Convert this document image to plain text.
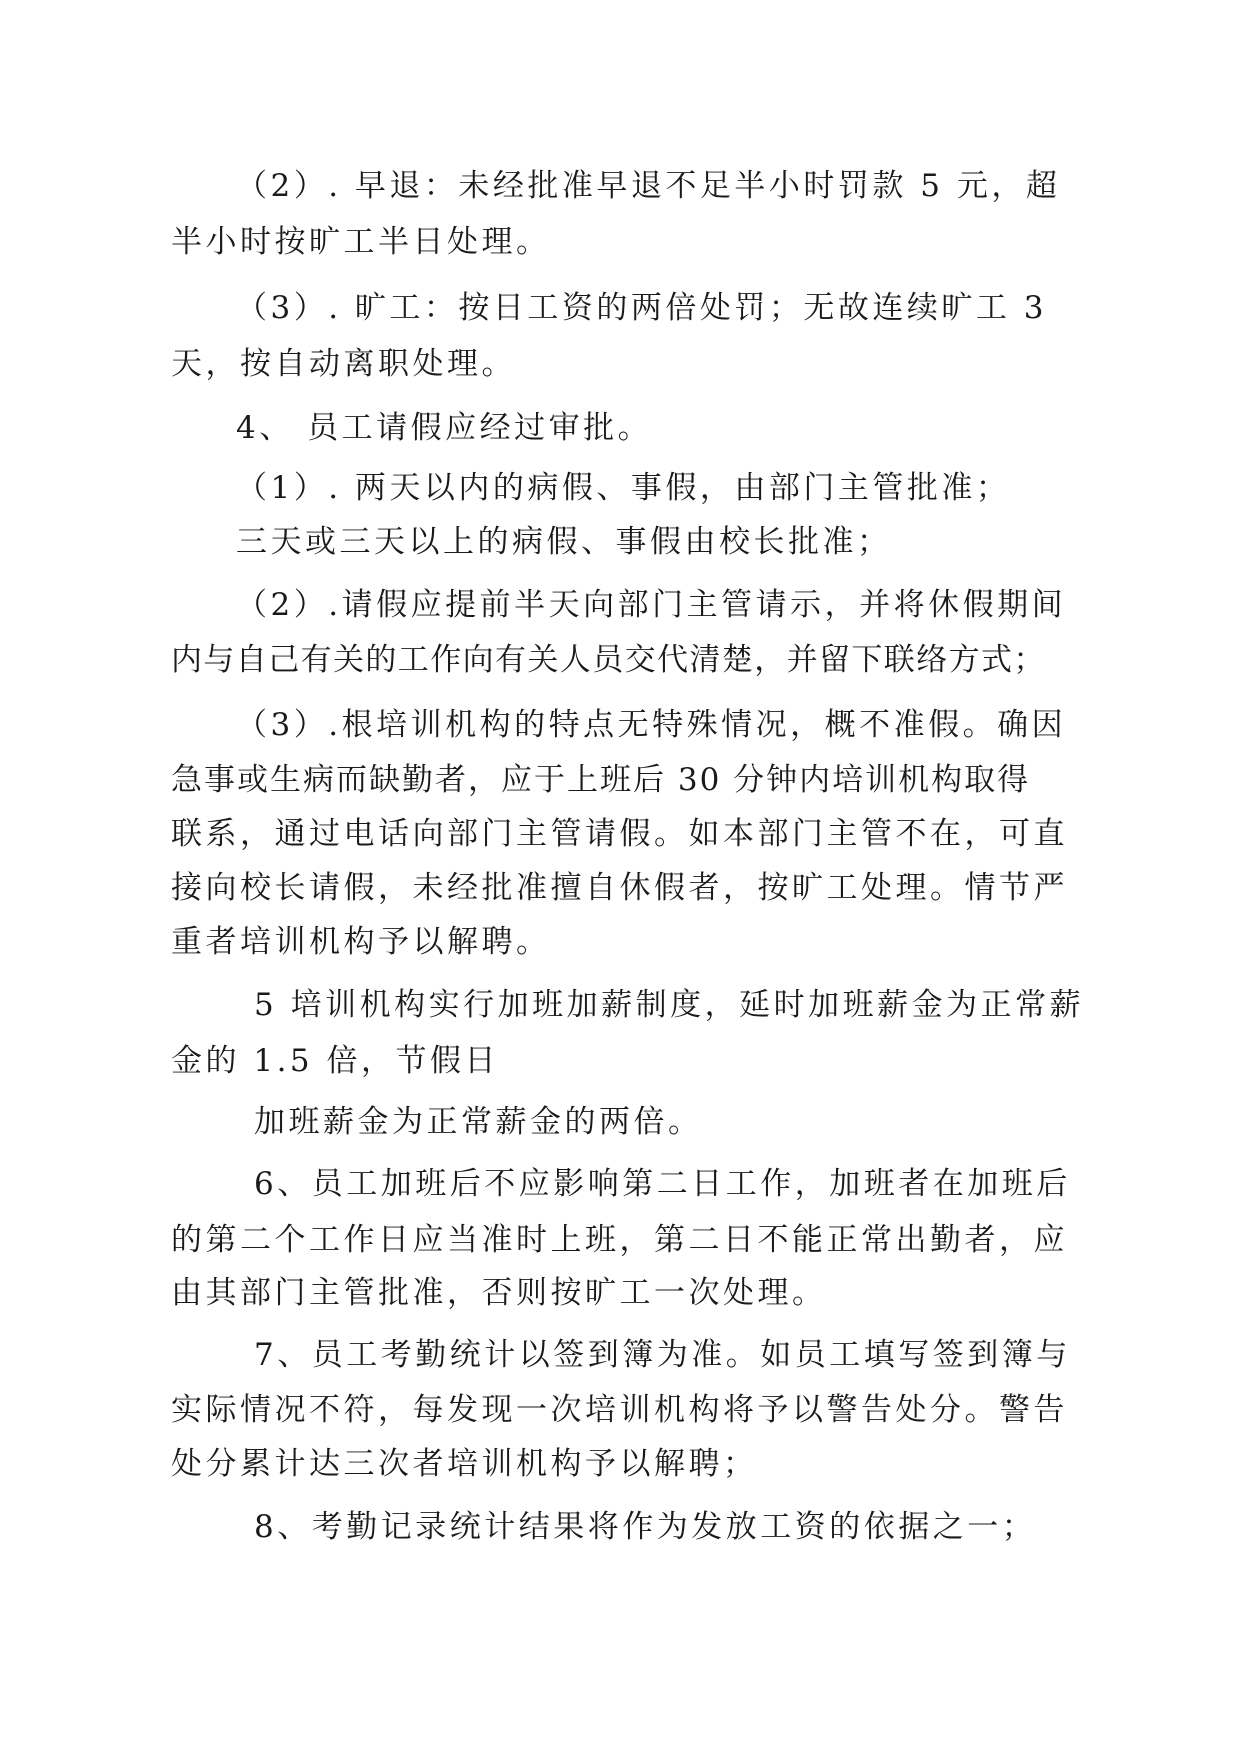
（2）. 早退：未经批准早退不足半小时罚款 5 元，超
半小时按旷工半日处理。
（3）. 旷工：按日工资的两倍处罚；无故连续旷工 3
天，按自动离职处理。
4、 员工请假应经过审批。
（1）. 两天以内的病假、事假，由部门主管批准；
三天或三天以上的病假、事假由校长批准；
（2）.请假应提前半天向部门主管请示，并将休假期间
内与自己有关的工作向有关人员交代清楚，并留下联络方式；
（3）.根培训机构的特点无特殊情况，概不准假。确因
急事或生病而缺勤者，应于上班后 30 分钟内培训机构取得
联系，通过电话向部门主管请假。如本部门主管不在，可直
接向校长请假，未经批准擅自休假者，按旷工处理。情节严
重者培训机构予以解聘。
5 培训机构实行加班加薪制度，延时加班薪金为正常薪
金的 1.5 倍，节假日
加班薪金为正常薪金的两倍。
6、员工加班后不应影响第二日工作，加班者在加班后
的第二个工作日应当准时上班，第二日不能正常出勤者，应
由其部门主管批准，否则按旷工一次处理。
7、员工考勤统计以签到簿为准。如员工填写签到簿与
实际情况不符，每发现一次培训机构将予以警告处分。警告
处分累计达三次者培训机构予以解聘；
8、考勤记录统计结果将作为发放工资的依据之一；
